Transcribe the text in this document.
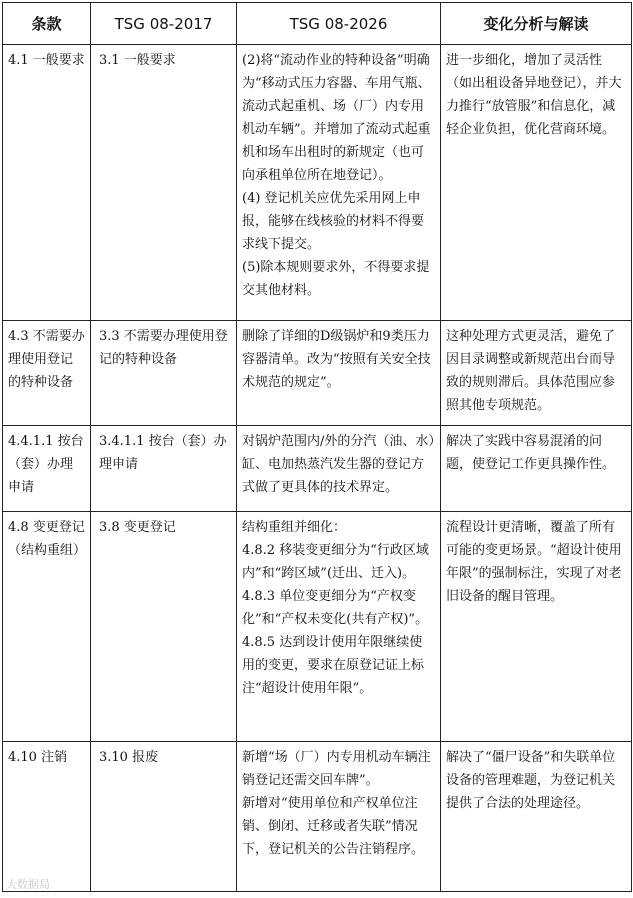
条款	TSG 08-2017	TSG 08-2026	变化分析与解读
4.1 一般要求	3.1 一般要求	(2)将“流动作业的特种设备”明确为“移动式压力容器、车用气瓶、流动式起重机、场（厂）内专用机动车辆”。并增加了流动式起重机和场车出租时的新规定（也可向承租单位所在地登记）。

(4) 登记机关应优先采用网上申报，能够在线核验的材料不得要求线下提交。

(5)除本规则要求外，不得要求提交其他材料。	进一步细化，增加了灵活性（如出租设备异地登记），并大力推行“放管服”和信息化，减轻企业负担，优化营商环境。
4.3 不需要办理使用登记的特种设备	3.3 不需要办理使用登记的特种设备	删除了详细的D级锅炉和9类压力容器清单。改为“按照有关安全技术规范的规定”。	这种处理方式更灵活，避免了因目录调整或新规范出台而导致的规则滞后。具体范围应参照其他专项规范。
4.4.1.1 按台（套）办理申请	3.4.1.1 按台（套）办理申请	对锅炉范围内/外的分汽（油、水）缸、电加热蒸汽发生器的登记方式做了更具体的技术界定。	解决了实践中容易混淆的问题，使登记工作更具操作性。
4.8 变更登记（结构重组）	3.8 变更登记	结构重组并细化：

4.8.2 移装变更细分为“行政区域内”和“跨区域”(迁出、迁入)。

4.8.3 单位变更细分为“产权变化”和“产权未变化(共有产权)”。

4.8.5 达到设计使用年限继续使用的变更，要求在原登记证上标注“超设计使用年限”。	流程设计更清晰，覆盖了所有可能的变更场景。“超设计使用年限”的强制标注，实现了对老旧设备的醒目管理。
4.10 注销	3.10 报废	新增“场（厂）内专用机动车辆注销登记还需交回车牌”。

新增对“使用单位和产权单位注销、倒闭、迁移或者失联”情况下，登记机关的公告注销程序。	解决了“僵尸设备”和失联单位设备的管理难题，为登记机关提供了合法的处理途径。
大数据局
